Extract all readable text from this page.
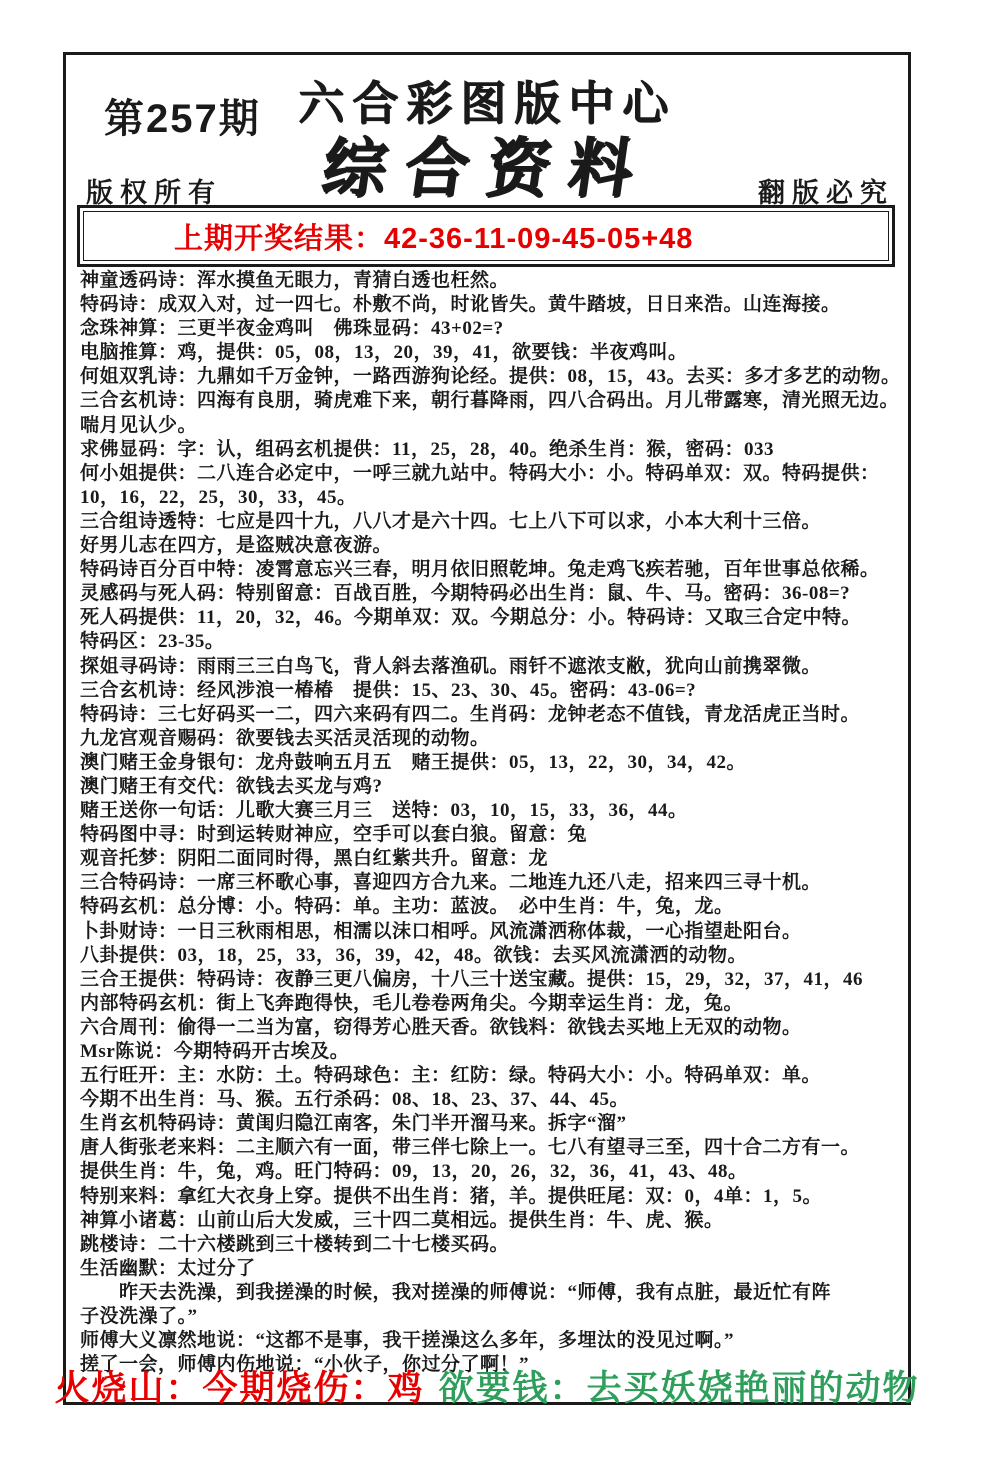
第257期 六合彩图版中心
综合资料
版权所有	翻版必究
上期开奖结果：42-36-11-09-45-05+48
神童透码诗：浑水摸鱼无眼力，青猜白透也枉然。
特码诗：成双入对，过一四七。朴敷不尚，时讹皆失。黄牛踏坡，日日来浩。山连海接。
念珠神算：三更半夜金鸡叫　佛珠显码：43+02=?
电脑推算：鸡，提供：05，08，13，20，39，41，欲要钱：半夜鸡叫。
何姐双乳诗：九鼎如千万金钟，一路西游狗论经。提供：08，15，43。去买：多才多艺的动物。
三合玄机诗：四海有良朋，骑虎难下来，朝行暮降雨，四八合码出。月儿带露寒，清光照无边。
喘月见认少。
求佛显码：字：认，组码玄机提供：11，25，28，40。绝杀生肖：猴，密码：033
何小姐提供：二八连合必定中，一呼三就九站中。特码大小：小。特码单双：双。特码提供：
10，16，22，25，30，33，45。
三合组诗透特：七应是四十九，八八才是六十四。七上八下可以求，小本大利十三倍。
好男儿志在四方，是盗贼决意夜游。
特码诗百分百中特：凌霄意忘兴三春，明月依旧照乾坤。兔走鸡飞疾若驰，百年世事总依稀。
灵感码与死人码：特别留意：百战百胜，今期特码必出生肖：鼠、牛、马。密码：36-08=?
死人码提供：11，20，32，46。今期单双：双。今期总分：小。特码诗：又取三合定中特。
特码区：23-35。
探姐寻码诗：雨雨三三白鸟飞，背人斜去落渔矶。雨钎不遮浓支敝，犹向山前携翠微。
三合玄机诗：经风涉浪一椿椿　提供：15、23、30、45。密码：43-06=?
特码诗：三七好码买一二，四六来码有四二。生肖码：龙钟老态不值钱，青龙活虎正当时。
九龙宫观音赐码：欲要钱去买活灵活现的动物。
澳门赌王金身银句：龙舟鼓响五月五　赌王提供：05，13，22，30，34，42。
澳门赌王有交代：欲钱去买龙与鸡?
赌王送你一句话：儿歌大赛三月三　送特：03，10，15，33，36，44。
特码图中寻：时到运转财神应，空手可以套白狼。留意：兔
观音托梦：阴阳二面同时得，黑白红紫共升。留意：龙
三合特码诗：一席三杯歌心事，喜迎四方合九来。二地连九还八走，招来四三寻十机。
特码玄机：总分博：小。特码：单。主功：蓝波。　必中生肖：牛，兔，龙。
卜卦财诗：一日三秋雨相思，相濡以沫口相呼。风流潇洒称体裁，一心指望赴阳台。
八卦提供：03，18，25，33，36，39，42，48。欲钱：去买风流潇洒的动物。
三合王提供：特码诗：夜静三更八偏房，十八三十送宝藏。提供：15，29，32，37，41，46
内部特码玄机：街上飞奔跑得快，毛儿卷卷两角尖。今期幸运生肖：龙，兔。
六合周刊：偷得一二当为富，窃得芳心胜天香。欲钱料：欲钱去买地上无双的动物。
Msr陈说：今期特码开古埃及。
五行旺开：主：水防：土。特码球色：主：红防：绿。特码大小：小。特码单双：单。
今期不出生肖：马、猴。五行杀码：08、18、23、37、44、45。
生肖玄机特码诗：黄闺归隐江南客，朱门半开溜马来。拆字“溜”
唐人街张老来料：二主顺六有一面，带三伴七除上一。七八有望寻三至，四十合二方有一。
提供生肖：牛，兔，鸡。旺门特码：09，13，20，26，32，36，41，43、48。
特别来料：拿红大衣身上穿。提供不出生肖：猪，羊。提供旺尾：双：0，4单：1，5。
神算小诸葛：山前山后大发威，三十四二莫相远。提供生肖：牛、虎、猴。
跳楼诗：二十六楼跳到三十楼转到二十七楼买码。
生活幽默：太过分了
　　昨天去洗澡，到我搓澡的时候，我对搓澡的师傅说：“师傅，我有点脏，最近忙有阵
子没洗澡了。”
师傅大义凛然地说：“这都不是事，我干搓澡这么多年，多埋汰的没见过啊。”
搓了一会，师傅内伤地说：“小伙子，你过分了啊！”
火烧山：今期烧伤：鸡 欲要钱：去买妖娆艳丽的动物
